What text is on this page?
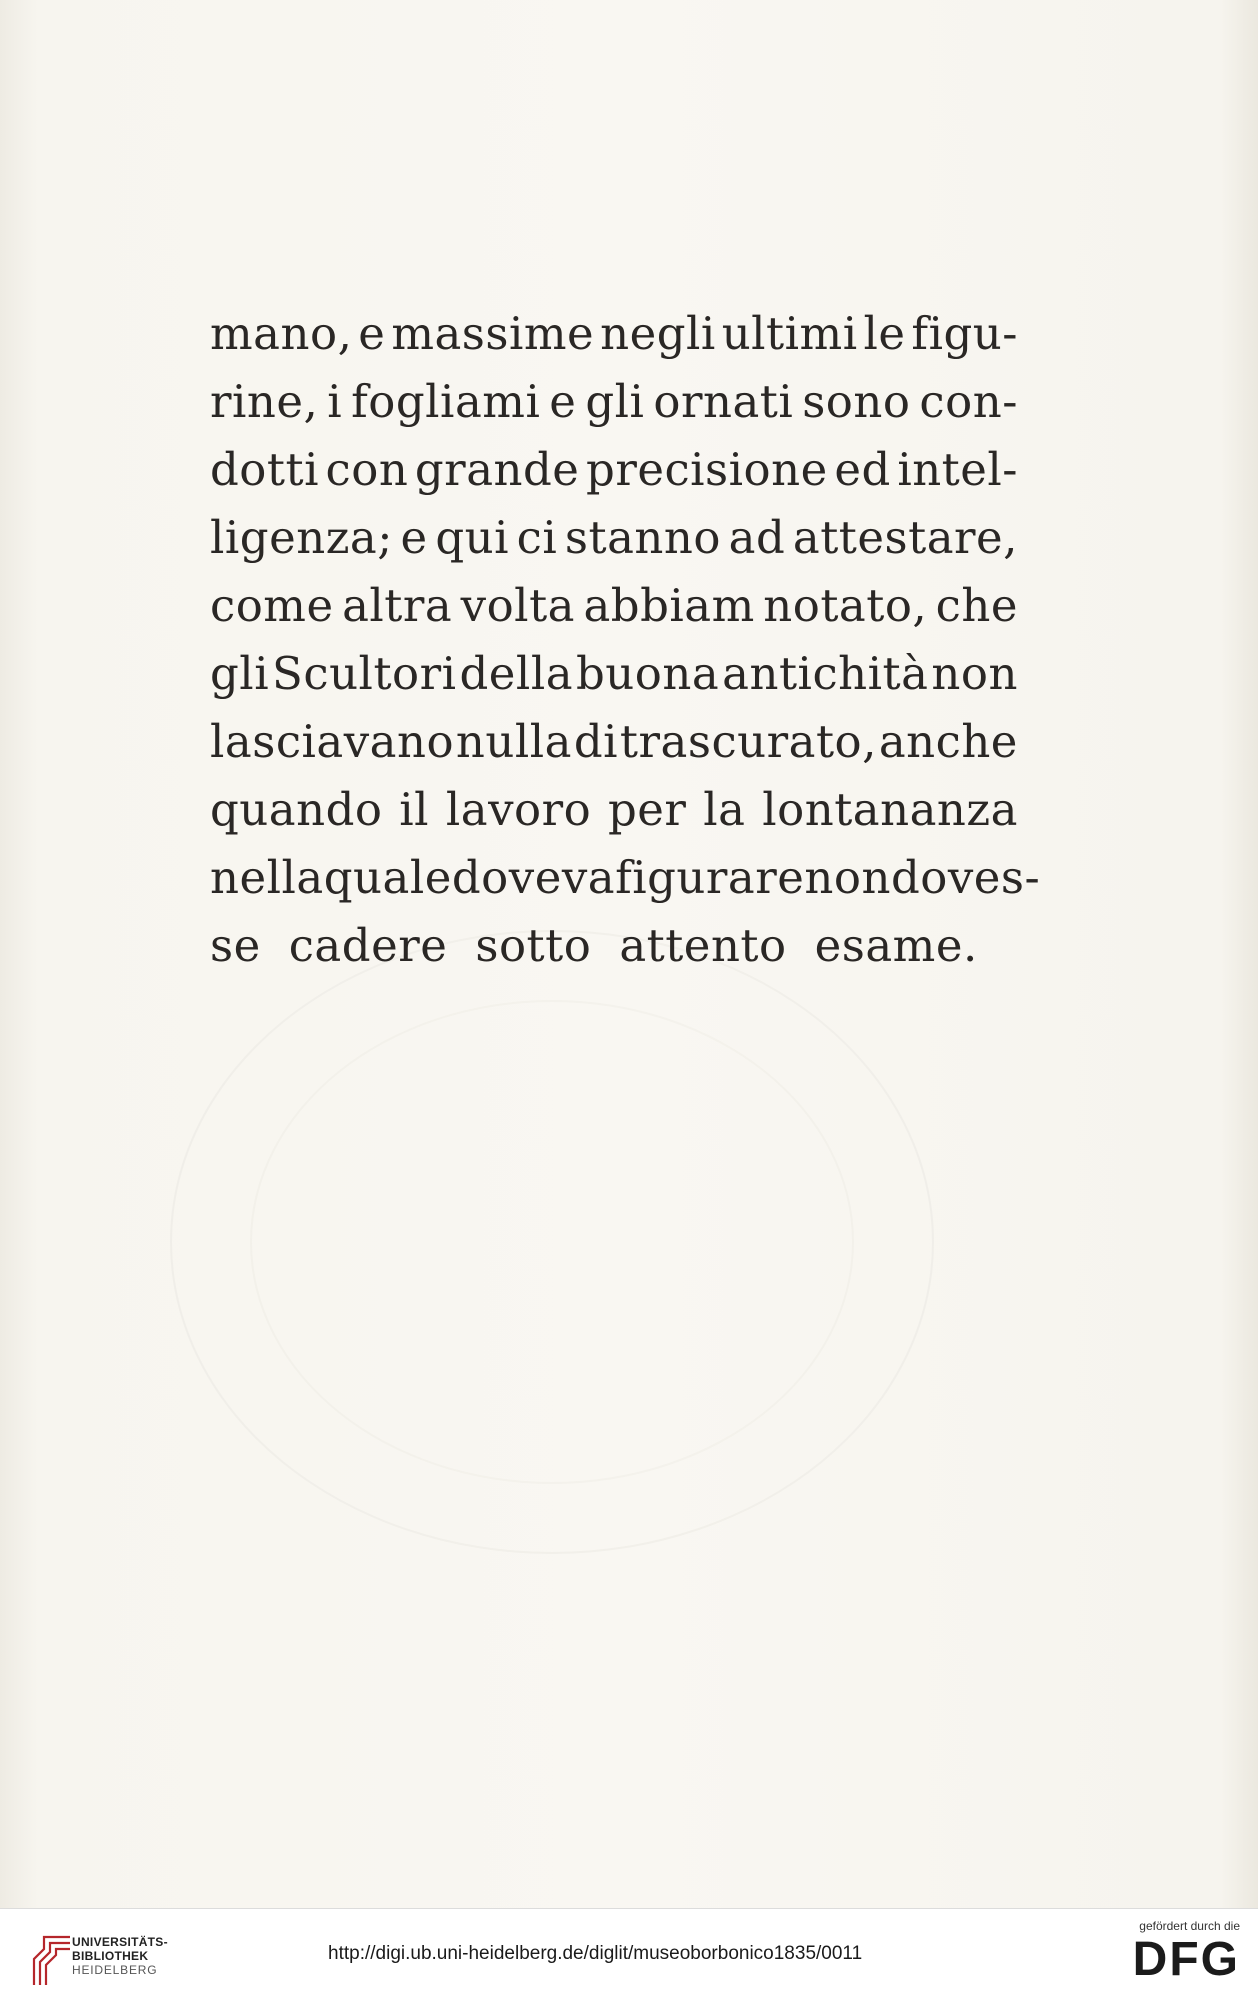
mano, e massime negli ultimi le figu-
rine, i fogliami e gli ornati sono con-
dotti con grande precisione ed intel-
ligenza; e qui ci stanno ad attestare,
come altra volta abbiam notato, che
gli Scultori della buona antichità non
lasciavano nulla di trascurato, anche
quando il lavoro per la lontananza
nella quale doveva figurare non doves-
se cadere sotto attento esame.
UNIVERSITÄTS-
BIBLIOTHEK
HEIDELBERG
http://digi.ub.uni-heidelberg.de/diglit/museoborbonico1835/0011
gefördert durch die
DFG
